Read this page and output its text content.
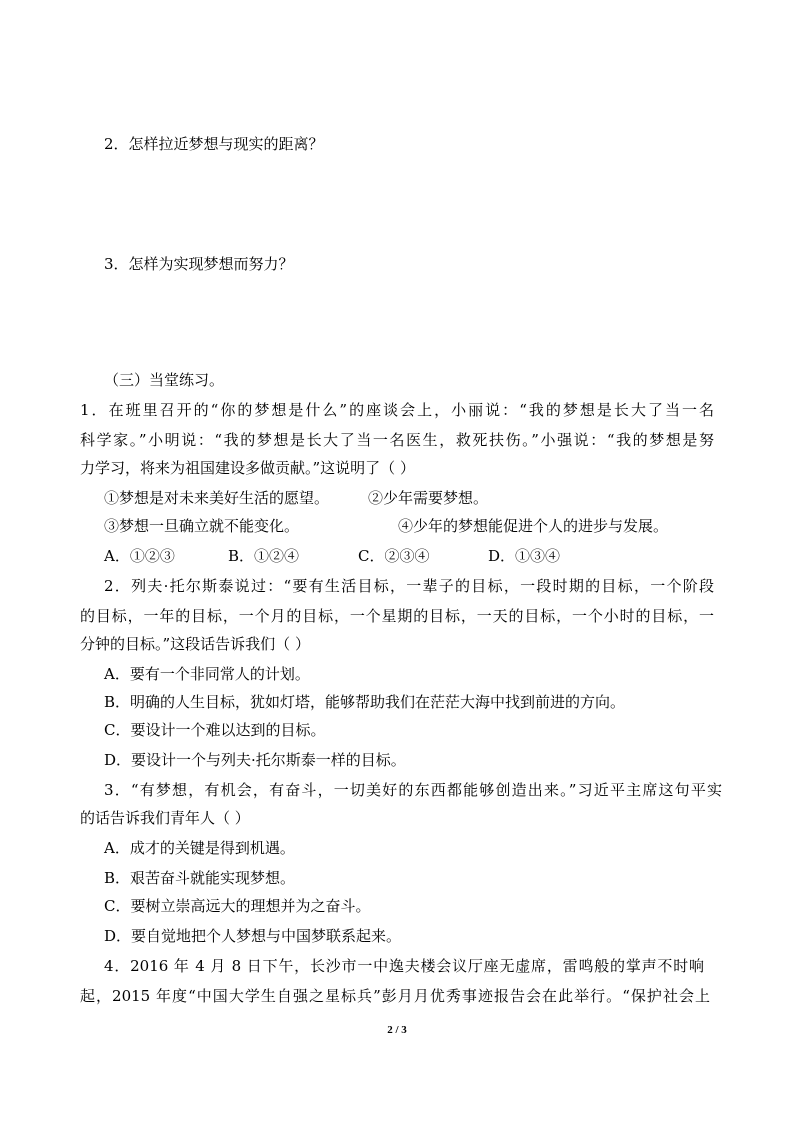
2．怎样拉近梦想与现实的距离？
3．怎样为实现梦想而努力？
（三）当堂练习。
1．在班里召开的“你的梦想是什么”的座谈会上，小丽说：“我的梦想是长大了当一名
科学家。”小明说：“我的梦想是长大了当一名医生，救死扶伤。”小强说：“我的梦想是努
力学习，将来为祖国建设多做贡献。”这说明了（ ）
①梦想是对未来美好生活的愿望。	②少年需要梦想。
③梦想一旦确立就不能变化。	④少年的梦想能促进个人的进步与发展。
A．①②③	B．①②④	C．②③④	D．①③④
2．列夫·托尔斯泰说过：“要有生活目标，一辈子的目标，一段时期的目标，一个阶段
的目标，一年的目标，一个月的目标，一个星期的目标，一天的目标，一个小时的目标，一
分钟的目标。”这段话告诉我们（ ）
A．要有一个非同常人的计划。
B．明确的人生目标，犹如灯塔，能够帮助我们在茫茫大海中找到前进的方向。
C．要设计一个难以达到的目标。
D．要设计一个与列夫·托尔斯泰一样的目标。
3．“有梦想，有机会，有奋斗，一切美好的东西都能够创造出来。”习近平主席这句平实
的话告诉我们青年人（ ）
A．成才的关键是得到机遇。
B．艰苦奋斗就能实现梦想。
C．要树立崇高远大的理想并为之奋斗。
D．要自觉地把个人梦想与中国梦联系起来。
4．2016 年 4 月 8 日下午，长沙市一中逸夫楼会议厅座无虚席，雷鸣般的掌声不时响
起，2015 年度“中国大学生自强之星标兵”彭月月优秀事迹报告会在此举行。“保护社会上
2 / 3
